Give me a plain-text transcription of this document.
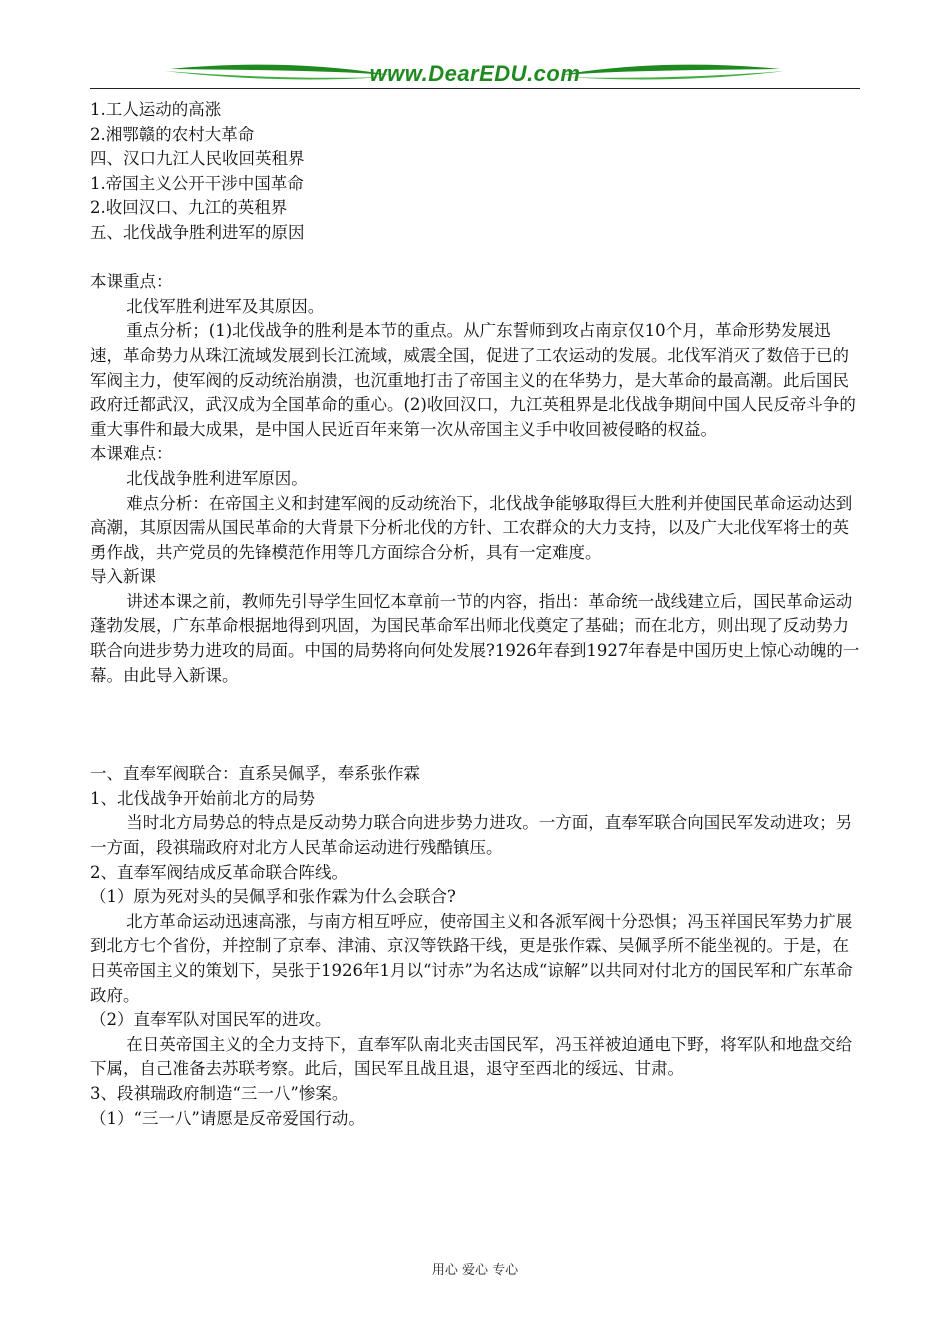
www.DearEDU.com

1.工人运动的高涨

2.湘鄂赣的农村大革命

四、汉口九江人民收回英租界

1.帝国主义公开干涉中国革命

2.收回汉口、九江的英租界

五、北伐战争胜利进军的原因

本课重点：

北伐军胜利进军及其原因。

重点分析；(1)北伐战争的胜利是本节的重点。从广东誓师到攻占南京仅10个月，革命形势发展迅速，革命势力从珠江流域发展到长江流域，威震全国，促进了工农运动的发展。北伐军消灭了数倍于已的军阀主力，使军阀的反动统治崩溃，也沉重地打击了帝国主义的在华势力，是大革命的最高潮。此后国民政府迁都武汉，武汉成为全国革命的重心。(2)收回汉口，九江英租界是北伐战争期间中国人民反帝斗争的重大事件和最大成果，是中国人民近百年来第一次从帝国主义手中收回被侵略的权益。

本课难点：

北伐战争胜利进军原因。

难点分析：在帝国主义和封建军阀的反动统治下，北伐战争能够取得巨大胜利并使国民革命运动达到高潮，其原因需从国民革命的大背景下分析北伐的方针、工农群众的大力支持，以及广大北伐军将士的英勇作战，共产党员的先锋模范作用等几方面综合分析，具有一定难度。

导入新课

讲述本课之前，教师先引导学生回忆本章前一节的内容，指出：革命统一战线建立后，国民革命运动蓬勃发展，广东革命根据地得到巩固，为国民革命军出师北伐奠定了基础；而在北方，则出现了反动势力联合向进步势力进攻的局面。中国的局势将向何处发展?1926年春到1927年春是中国历史上惊心动魄的一幕。由此导入新课。

一、直奉军阀联合：直系吴佩孚，奉系张作霖

1、北伐战争开始前北方的局势

当时北方局势总的特点是反动势力联合向进步势力进攻。一方面，直奉军联合向国民军发动进攻；另一方面，段祺瑞政府对北方人民革命运动进行残酷镇压。

2、直奉军阀结成反革命联合阵线。

（1）原为死对头的吴佩孚和张作霖为什么会联合?

北方革命运动迅速高涨，与南方相互呼应，使帝国主义和各派军阀十分恐惧；冯玉祥国民军势力扩展到北方七个省份，并控制了京奉、津浦、京汉等铁路干线，更是张作霖、吴佩孚所不能坐视的。于是，在日英帝国主义的策划下，吴张于1926年1月以“讨赤”为名达成“谅解”以共同对付北方的国民军和广东革命政府。

（2）直奉军队对国民军的进攻。

在日英帝国主义的全力支持下，直奉军队南北夹击国民军，冯玉祥被迫通电下野，将军队和地盘交给下属，自己准备去苏联考察。此后，国民军且战且退，退守至西北的绥远、甘肃。

3、段祺瑞政府制造“三一八”惨案。

（1）“三一八”请愿是反帝爱国行动。

用心 爱心 专心
